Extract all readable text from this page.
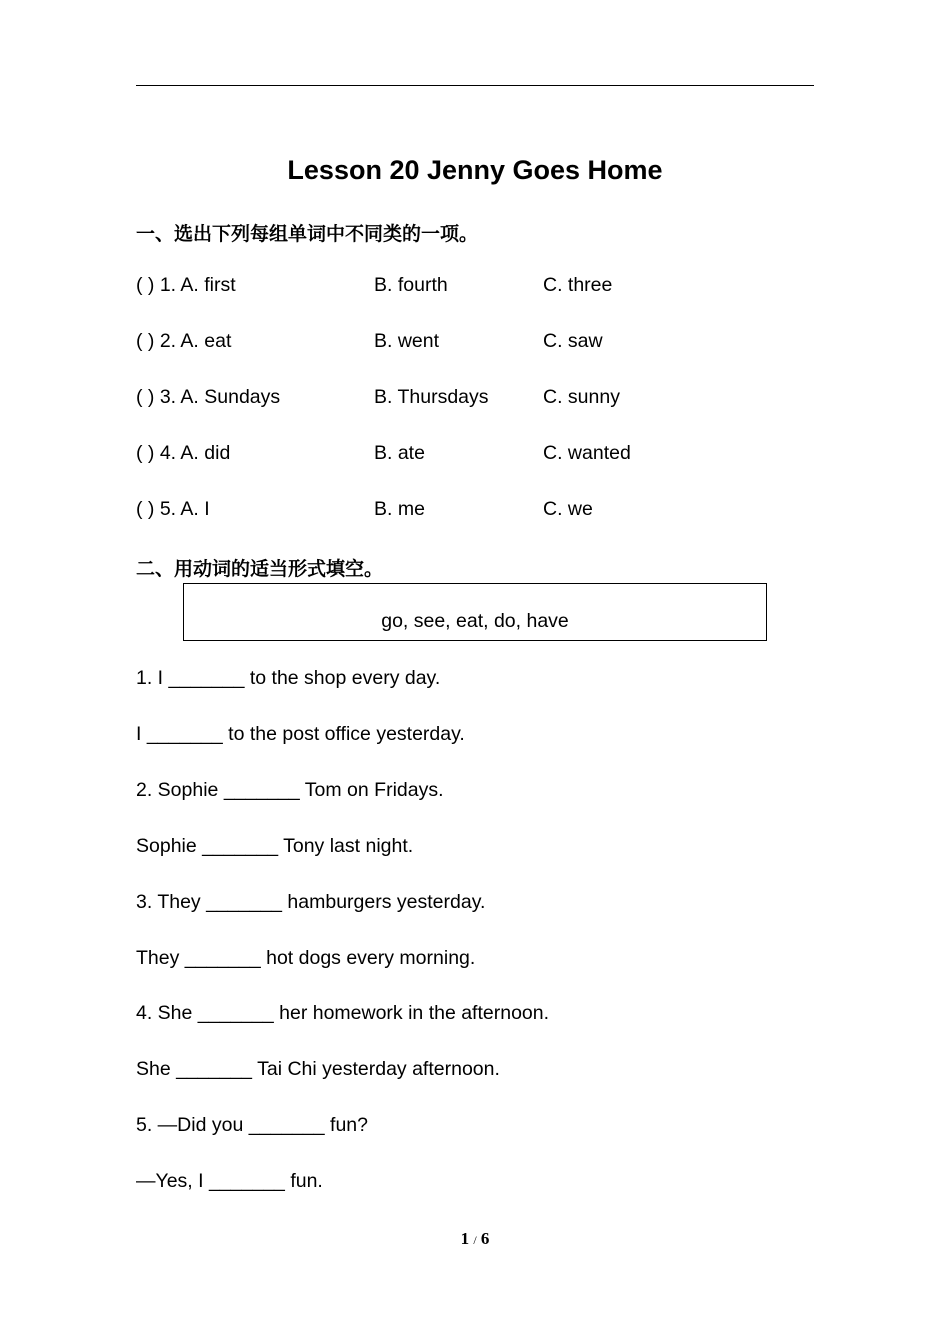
Lesson 20 Jenny Goes Home
一、选出下列每组单词中不同类的一项。
( ) 1. A. first	B. fourth	C. three
( ) 2. A. eat	B. went	C. saw
( ) 3. A. Sundays	B. Thursdays	C. sunny
( ) 4. A. did	B. ate	C. wanted
( ) 5. A. I	B. me	C. we
二、用动词的适当形式填空。
go, see, eat, do, have
1. I _______ to the shop every day.
I _______ to the post office yesterday.
2. Sophie _______ Tom on Fridays.
Sophie _______ Tony last night.
3. They _______ hamburgers yesterday.
They _______ hot dogs every morning.
4. She _______ her homework in the afternoon.
She _______ Tai Chi yesterday afternoon.
5. —Did you _______ fun?
—Yes, I _______ fun.
1 / 6
